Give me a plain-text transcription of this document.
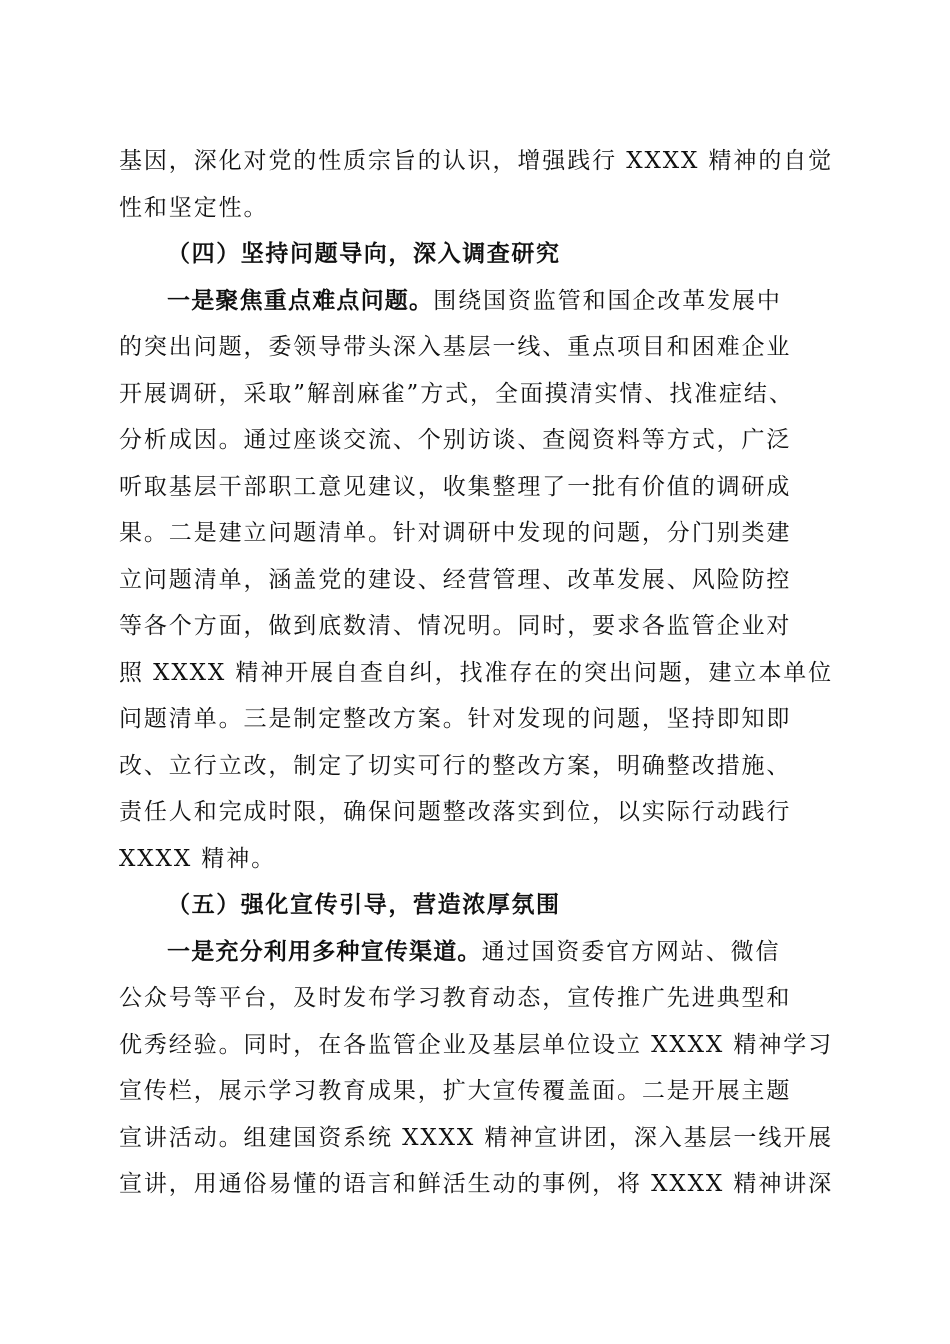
基因，深化对党的性质宗旨的认识，增强践行 XXXX 精神的自觉

性和坚定性。

（四）坚持问题导向，深入调查研究

一是聚焦重点难点问题。围绕国资监管和国企改革发展中

的突出问题，委领导带头深入基层一线、重点项目和困难企业

开展调研，采取”解剖麻雀”方式，全面摸清实情、找准症结、

分析成因。通过座谈交流、个别访谈、查阅资料等方式，广泛

听取基层干部职工意见建议，收集整理了一批有价值的调研成

果。二是建立问题清单。针对调研中发现的问题，分门别类建

立问题清单，涵盖党的建设、经营管理、改革发展、风险防控

等各个方面，做到底数清、情况明。同时，要求各监管企业对

照 XXXX 精神开展自查自纠，找准存在的突出问题，建立本单位

问题清单。三是制定整改方案。针对发现的问题，坚持即知即

改、立行立改，制定了切实可行的整改方案，明确整改措施、

责任人和完成时限，确保问题整改落实到位，以实际行动践行

XXXX 精神。

（五）强化宣传引导，营造浓厚氛围

一是充分利用多种宣传渠道。通过国资委官方网站、微信

公众号等平台，及时发布学习教育动态，宣传推广先进典型和

优秀经验。同时，在各监管企业及基层单位设立 XXXX 精神学习

宣传栏，展示学习教育成果，扩大宣传覆盖面。二是开展主题

宣讲活动。组建国资系统 XXXX 精神宣讲团，深入基层一线开展

宣讲，用通俗易懂的语言和鲜活生动的事例，将 XXXX 精神讲深
